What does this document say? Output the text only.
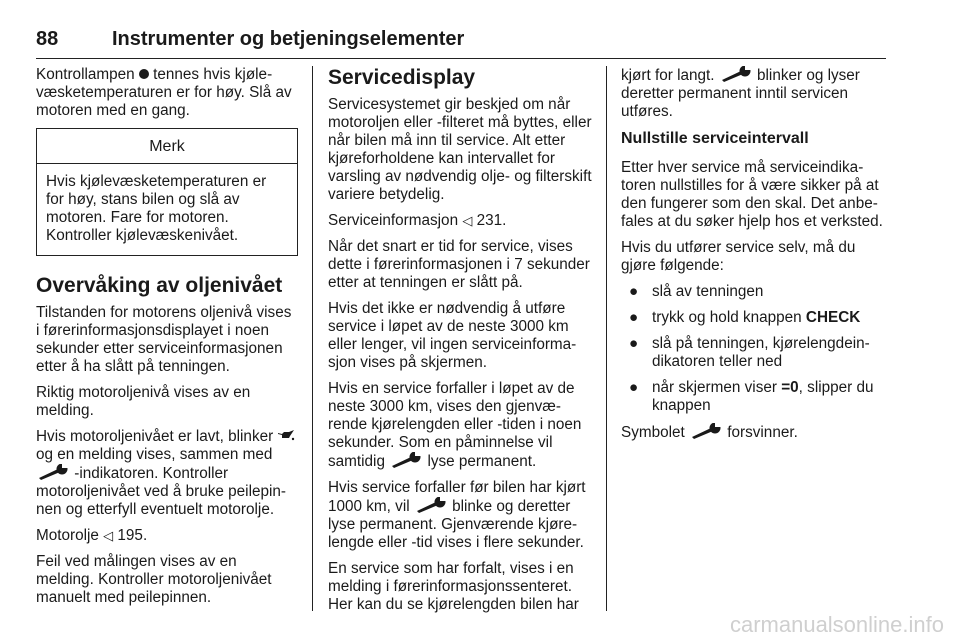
88	Instrumenter og betjeningselementer

Kontrollampen tennes hvis kjølevæsketemperaturen er for høy. Slå av motoren med en gang.

Merk
Hvis kjølevæsketemperaturen er for høy, stans bilen og slå av motoren. Fare for motoren. Kontroller kjølevæskenivået.
Overvåking av oljenivået

Tilstanden for motorens oljenivå vises i førerinformasjonsdisplayet i noen sekunder etter serviceinformasjonen etter å ha slått på tenningen.

Riktig motoroljenivå vises av en melding.

Hvis motoroljenivået er lavt, blinker  og en melding vises, sammen med  -indikatoren. Kontroller motoroljenivået ved å bruke peilepinnen og etterfyll eventuelt motorolje.

Motorolje ◁ 195.

Feil ved målingen vises av en melding. Kontroller motoroljenivået manuelt med peilepinnen.

Servicedisplay

Servicesystemet gir beskjed om når motoroljen eller -filteret må byttes, eller når bilen må inn til service. Alt etter kjøreforholdene kan intervallet for varsling av nødvendig olje- og filterskift variere betydelig.

Serviceinformasjon ◁ 231.

Når det snart er tid for service, vises dette i førerinformasjonen i 7 sekunder etter at tenningen er slått på.

Hvis det ikke er nødvendig å utføre service i løpet av de neste 3000 km eller lenger, vil ingen serviceinformasjon vises på skjermen.

Hvis en service forfaller i løpet av de neste 3000 km, vises den gjenværende kjørelengden eller -tiden i noen sekunder. Som en påminnelse vil samtidig	lyse permanent.

Hvis service forfaller før bilen har kjørt 1000 km, vil	blinke og deretter lyse permanent. Gjenværende kjørelengde eller -tid vises i flere sekunder.

En service som har forfalt, vises i en melding i førerinformasjonssenteret. Her kan du se kjørelengden bilen har

kjørt for langt.	blinker og lyser deretter permanent inntil servicen utføres.

Nullstille serviceintervall

Etter hver service må serviceindikatoren nullstilles for å være sikker på at den fungerer som den skal. Det anbefales at du søker hjelp hos et verksted.

Hvis du utfører service selv, må du gjøre følgende:

● slå av tenningen
● trykk og hold knappen CHECK
● slå på tenningen, kjørelengdeindikatoren teller ned
● når skjermen viser =0, slipper du knappen

Symbolet	forsvinner.

carmanualsonline.info
